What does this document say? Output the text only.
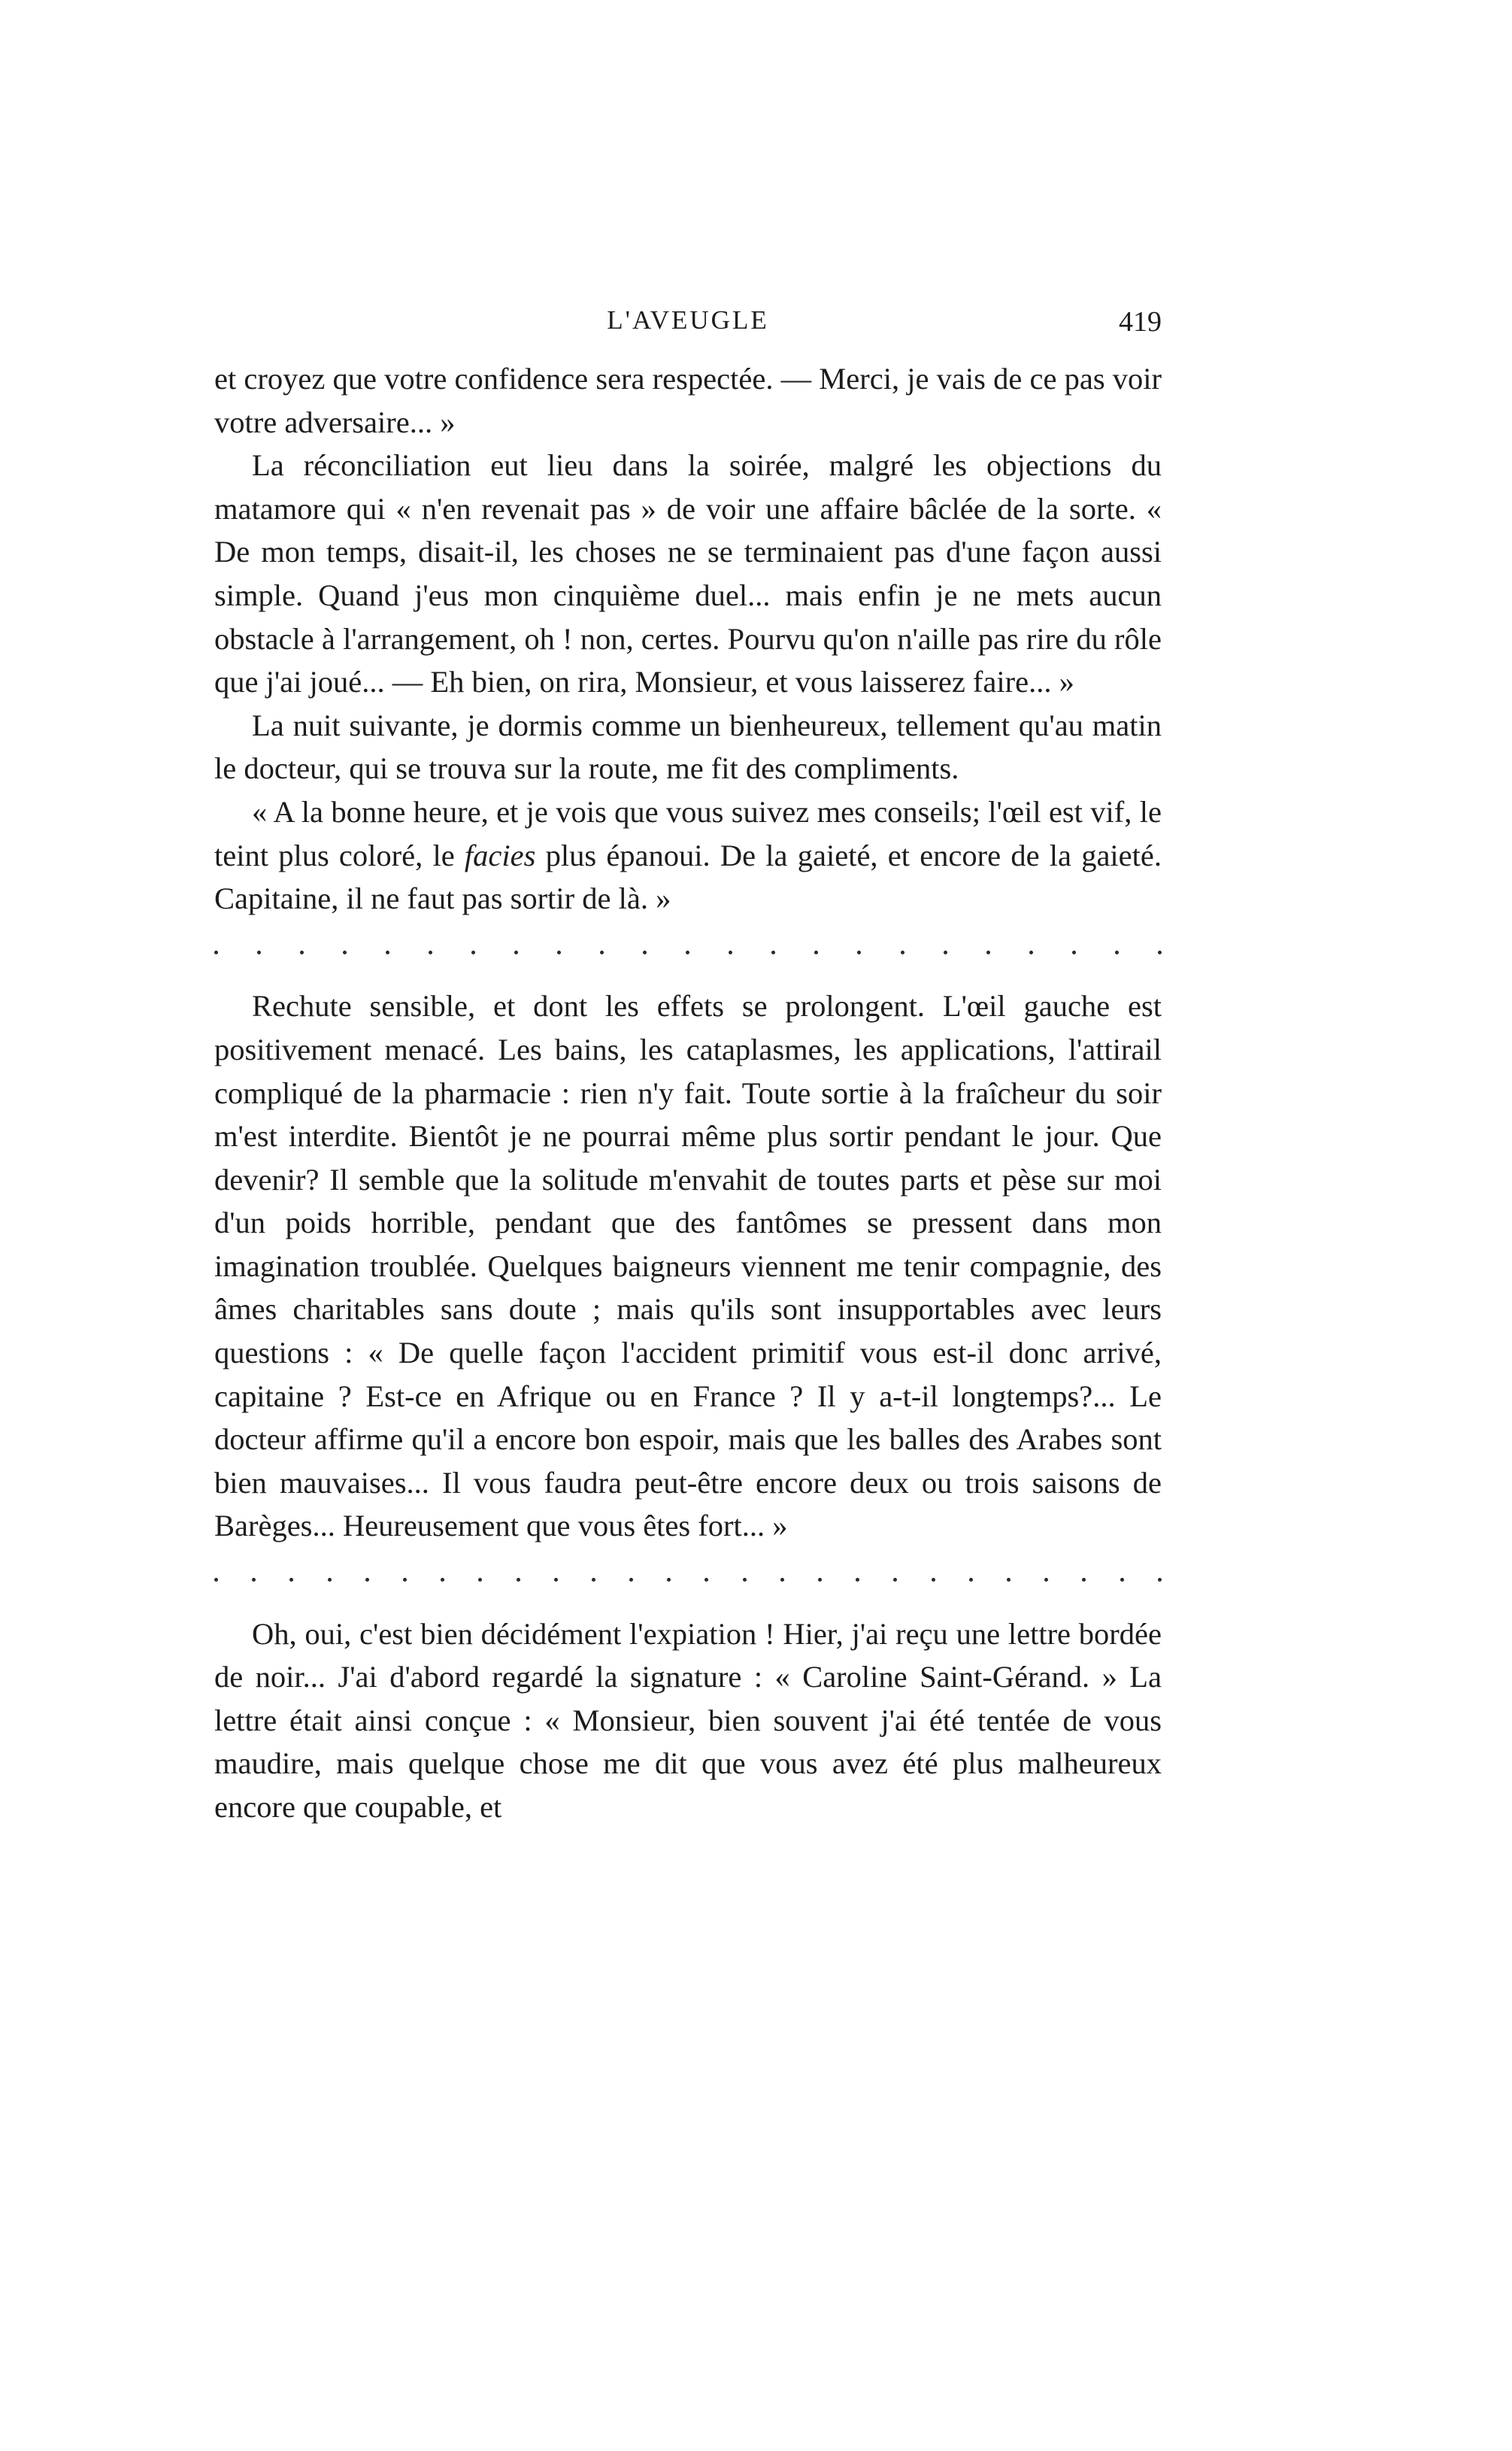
L'AVEUGLE	419

et croyez que votre confidence sera respectée. — Merci, je vais de ce pas voir votre adversaire... »

La réconciliation eut lieu dans la soirée, malgré les objections du matamore qui « n'en revenait pas » de voir une affaire bâclée de la sorte. « De mon temps, disait-il, les choses ne se terminaient pas d'une façon aussi simple. Quand j'eus mon cinquième duel... mais enfin je ne mets aucun obstacle à l'arrangement, oh ! non, certes. Pourvu qu'on n'aille pas rire du rôle que j'ai joué... — Eh bien, on rira, Monsieur, et vous laisserez faire... »

La nuit suivante, je dormis comme un bienheureux, tellement qu'au matin le docteur, qui se trouva sur la route, me fit des compliments.

« A la bonne heure, et je vois que vous suivez mes conseils; l'œil est vif, le teint plus coloré, le facies plus épanoui. De la gaieté, et encore de la gaieté. Capitaine, il ne faut pas sortir de là. »

Rechute sensible, et dont les effets se prolongent. L'œil gauche est positivement menacé. Les bains, les cataplasmes, les applications, l'attirail compliqué de la pharmacie : rien n'y fait. Toute sortie à la fraîcheur du soir m'est interdite. Bientôt je ne pourrai même plus sortir pendant le jour. Que devenir? Il semble que la solitude m'envahit de toutes parts et pèse sur moi d'un poids horrible, pendant que des fantômes se pressent dans mon imagination troublée. Quelques baigneurs viennent me tenir compagnie, des âmes charitables sans doute ; mais qu'ils sont insupportables avec leurs questions : « De quelle façon l'accident primitif vous est-il donc arrivé, capitaine ? Est-ce en Afrique ou en France ? Il y a-t-il longtemps?... Le docteur affirme qu'il a encore bon espoir, mais que les balles des Arabes sont bien mauvaises... Il vous faudra peut-être encore deux ou trois saisons de Barèges... Heureusement que vous êtes fort... »

Oh, oui, c'est bien décidément l'expiation ! Hier, j'ai reçu une lettre bordée de noir... J'ai d'abord regardé la signature : « Caroline Saint-Gérand. » La lettre était ainsi conçue : « Monsieur, bien souvent j'ai été tentée de vous maudire, mais quelque chose me dit que vous avez été plus malheureux encore que coupable, et
